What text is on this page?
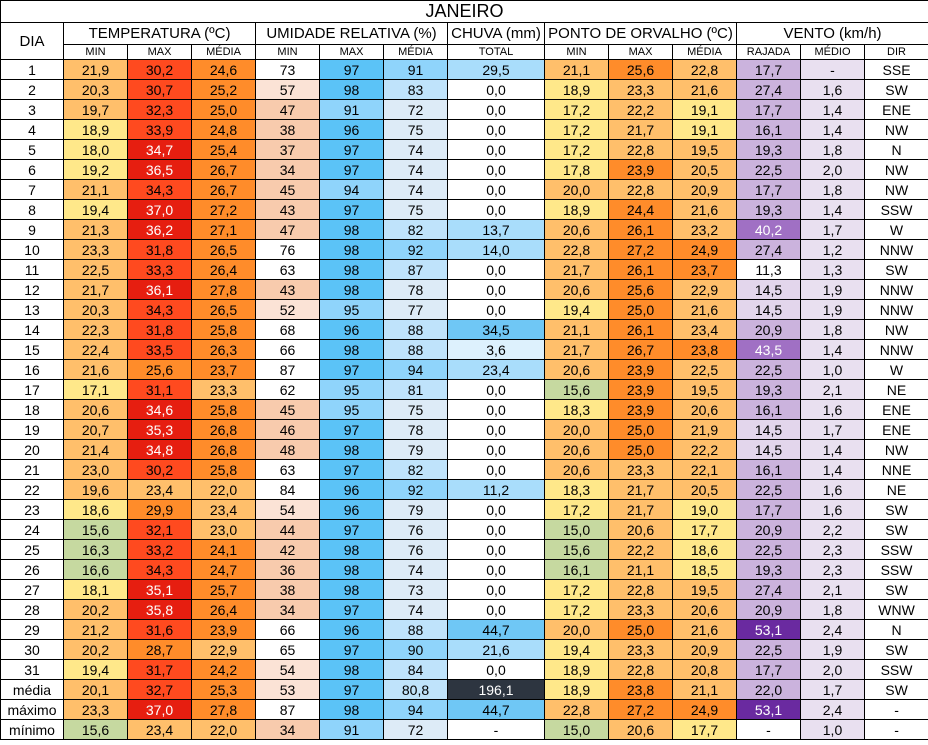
JANEIRO													
DIA	TEMPERATURA (ºC)			UMIDADE RELATIVA (%)			CHUVA (mm)	PONTO DE ORVALHO (ºC)			VENTO (km/h)		
	MIN	MAX	MÉDIA	MIN	MAX	MÉDIA	TOTAL	MIN	MAX	MÉDIA	RAJADA	MÉDIO	DIR
1	21,9	30,2	24,6	73	97	91	29,5	21,1	25,6	22,8	17,7	-	SSE
2	20,3	30,7	25,2	57	98	83	0,0	18,9	23,3	21,6	27,4	1,6	SW
3	19,7	32,3	25,0	47	91	72	0,0	17,2	22,2	19,1	17,7	1,4	ENE
4	18,9	33,9	24,8	38	96	75	0,0	17,2	21,7	19,1	16,1	1,4	NW
5	18,0	34,7	25,4	37	97	74	0,0	17,2	22,8	19,5	19,3	1,8	N
6	19,2	36,5	26,7	34	97	74	0,0	17,8	23,9	20,5	22,5	2,0	NW
7	21,1	34,3	26,7	45	94	74	0,0	20,0	22,8	20,9	17,7	1,8	NW
8	19,4	37,0	27,2	43	97	75	0,0	18,9	24,4	21,6	19,3	1,4	SSW
9	21,3	36,2	27,1	47	98	82	13,7	20,6	26,1	23,2	40,2	1,7	W
10	23,3	31,8	26,5	76	98	92	14,0	22,8	27,2	24,9	27,4	1,2	NNW
11	22,5	33,3	26,4	63	98	87	0,0	21,7	26,1	23,7	11,3	1,3	SW
12	21,7	36,1	27,8	43	98	78	0,0	20,6	25,6	22,9	14,5	1,9	NNW
13	20,3	34,3	26,5	52	95	77	0,0	19,4	25,0	21,6	14,5	1,9	NNW
14	22,3	31,8	25,8	68	96	88	34,5	21,1	26,1	23,4	20,9	1,8	NW
15	22,4	33,5	26,3	66	98	88	3,6	21,7	26,7	23,8	43,5	1,4	NNW
16	21,6	25,6	23,7	87	97	94	23,4	20,6	23,9	22,5	22,5	1,0	W
17	17,1	31,1	23,3	62	95	81	0,0	15,6	23,9	19,5	19,3	2,1	NE
18	20,6	34,6	25,8	45	95	75	0,0	18,3	23,9	20,6	16,1	1,6	ENE
19	20,7	35,3	26,8	46	97	78	0,0	20,0	25,0	21,9	14,5	1,7	ENE
20	21,4	34,8	26,8	48	98	79	0,0	20,6	25,0	22,2	14,5	1,4	NW
21	23,0	30,2	25,8	63	97	82	0,0	20,6	23,3	22,1	16,1	1,4	NNE
22	19,6	23,4	22,0	84	96	92	11,2	18,3	21,7	20,5	22,5	1,6	NE
23	18,6	29,9	23,4	54	96	79	0,0	17,2	21,7	19,0	17,7	1,6	SW
24	15,6	32,1	23,0	44	97	76	0,0	15,0	20,6	17,7	20,9	2,2	SW
25	16,3	33,2	24,1	42	98	76	0,0	15,6	22,2	18,6	22,5	2,3	SSW
26	16,6	34,3	24,7	36	98	74	0,0	16,1	21,1	18,5	19,3	2,3	SSW
27	18,1	35,1	25,7	38	98	73	0,0	17,2	22,8	19,5	27,4	2,1	SW
28	20,2	35,8	26,4	34	97	74	0,0	17,2	23,3	20,6	20,9	1,8	WNW
29	21,2	31,6	23,9	66	96	88	44,7	20,0	25,0	21,6	53,1	2,4	N
30	20,2	28,7	22,9	65	97	90	21,6	19,4	23,3	20,9	22,5	1,9	SW
31	19,4	31,7	24,2	54	98	84	0,0	18,9	22,8	20,8	17,7	2,0	SSW
média	20,1	32,7	25,3	53	97	80,8	196,1	18,9	23,8	21,1	22,0	1,7	SW
máximo	23,3	37,0	27,8	87	98	94	44,7	22,8	27,2	24,9	53,1	2,4	-
mínimo	15,6	23,4	22,0	34	91	72	-	15,0	20,6	17,7	-	1,0	-
